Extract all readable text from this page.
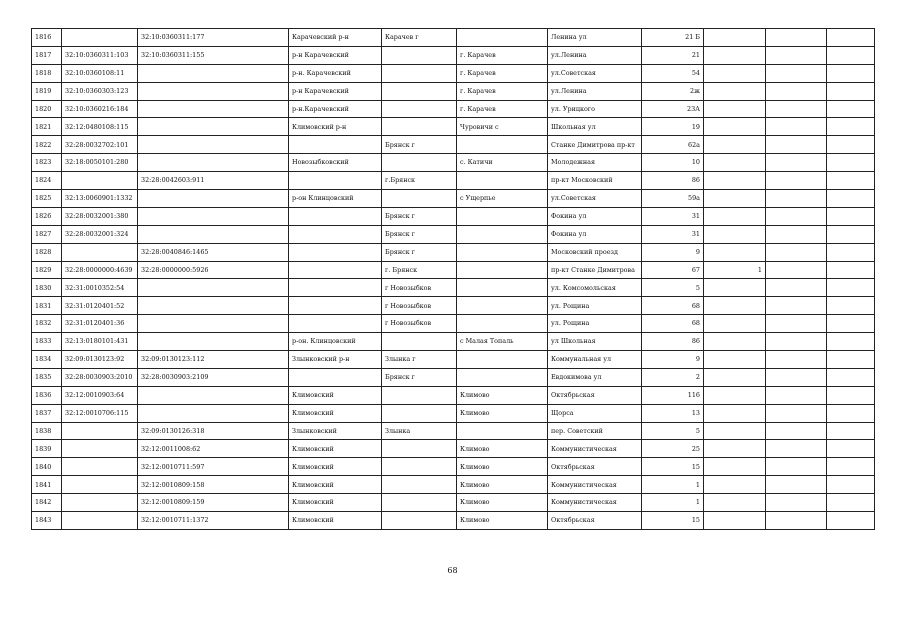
1816		32:10:0360311:177	Карачевский р-н	Карачев г		Ленина ул	21 Б			
1817	32:10:0360311:103	32:10:0360311:155	р-н Карачевский		г. Карачев	ул.Ленина	21			
1818	32:10:0360108:11		р-н. Карачевский		г. Карачев	ул.Советская	54			
1819	32:10:0360303:123		р-н Карачевский		г. Карачев	ул.Ленина	2ж			
1820	32:10:0360216:184		р-н.Карачевский		г. Карачев	ул. Урицкого	23А			
1821	32:12:0480108:115		Климовский р-н		Чуровичи с	Школьная ул	19			
1822	32:28:0032702:101			Брянск г		Станке Димитрова пр-кт	62а			
1823	32:18:0050101:280		Новозыбковский		с. Катичи	Молодежная	10			
1824		32:28:0042603:911		г.Брянск		пр-кт Московский	86			
1825	32:13:0060901:1332		р-он Клинцовский		с Ущерпье	ул.Советская	59а			
1826	32:28:0032001:380			Брянск г		Фокина ул	31			
1827	32:28:0032001:324			Брянск г		Фокина ул	31			
1828		32:28:0040846:1465		Брянск г		Московский проезд	9			
1829	32:28:0000000:4639	32:28:0000000:5926		г. Брянск		пр-кт Станке Димитрова	67	1		
1830	32:31:0010352:54			г Новозыбков		ул. Комсомольская	5			
1831	32:31:0120401:52			г Новозыбков		ул. Рощина	68			
1832	32:31:0120401:36			г Новозыбков		ул. Рощина	68			
1833	32:13:0180101:431		р-он. Клинцовский		с Малая Топаль	ул Школьная	86			
1834	32:09:0130123:92	32:09:0130123:112	Злынковский р-н	Злынка г		Коммунальная ул	9			
1835	32:28:0030903:2010	32:28:0030903:2109		Брянск г		Евдокимова ул	2			
1836	32:12:0010903:64		Климовский		Климово	Октябрьская	116			
1837	32:12:0010706:115		Климовский		Климово	Щорса	13			
1838		32:09:0130126:318	Злынковский	Злынка		пер. Советский	5			
1839		32:12:0011008:62	Климовский		Климово	Коммунистическая	25			
1840		32:12:0010711:597	Климовский		Климово	Октябрьская	15			
1841		32:12:0010809:158	Климовский		Климово	Коммунистическая	1			
1842		32:12:0010809:159	Климовский		Климово	Коммунистическая	1			
1843		32:12:0010711:1372	Климовский		Климово	Октябрьская	15			
68
